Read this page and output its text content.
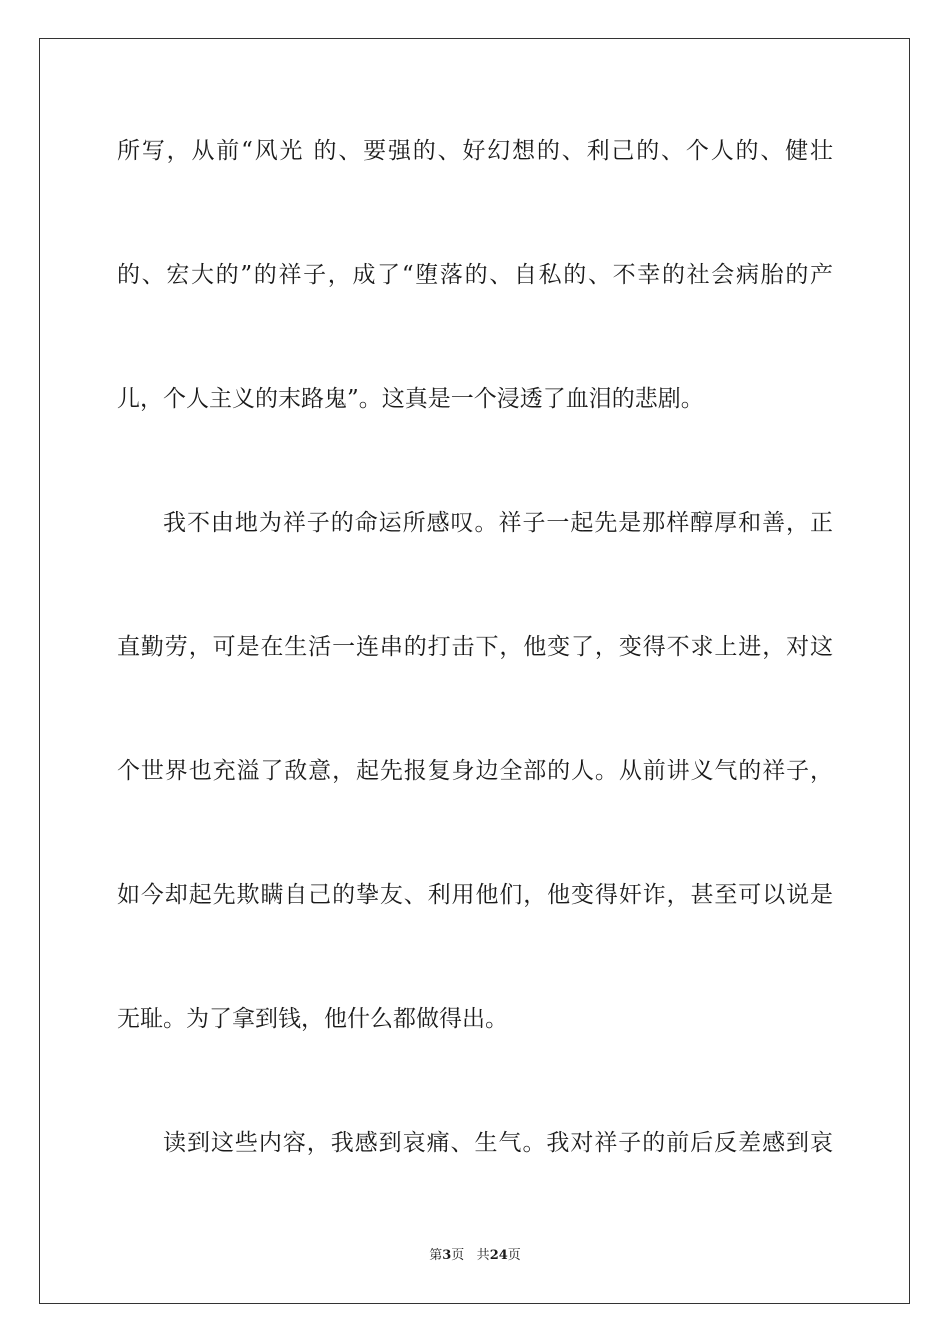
所写，从前“风光 的、要强的、好幻想的、利己的、个人的、健壮
的、宏大的”的祥子，成了“堕落的、自私的、不幸的社会病胎的产
儿，个人主义的末路鬼”。这真是一个浸透了血泪的悲剧。
我不由地为祥子的命运所感叹。祥子一起先是那样醇厚和善，正
直勤劳，可是在生活一连串的打击下，他变了，变得不求上进，对这
个世界也充溢了敌意，起先报复身边全部的人。从前讲义气的祥子，
如今却起先欺瞒自己的挚友、利用他们，他变得奸诈，甚至可以说是
无耻。为了拿到钱，他什么都做得出。
读到这些内容，我感到哀痛、生气。我对祥子的前后反差感到哀
第3页 共24页
